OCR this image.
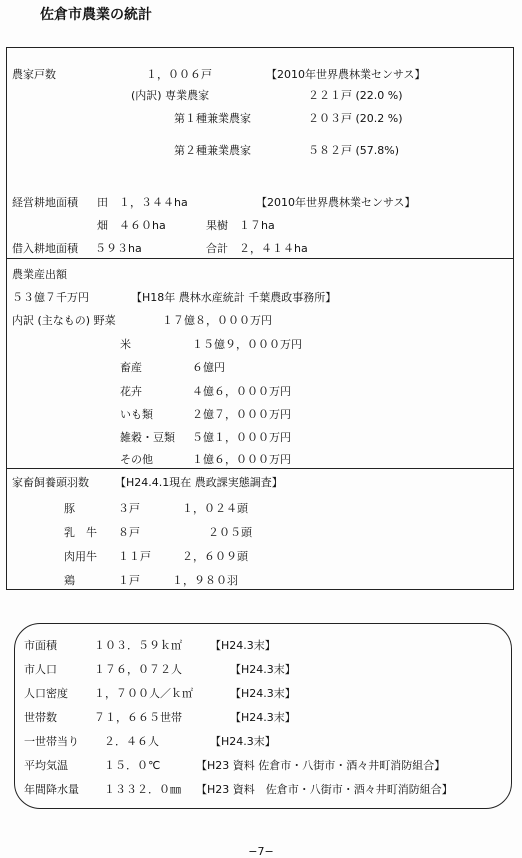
佐倉市農業の統計
農家戸数	１，００６戸	【2010年世界農林業センサス】
(内訳) 専業農家	２２１戸 (22.0 %)
第１種兼業農家	２０３戸 (20.2 %)
第２種兼業農家	５８２戸 (57.8%)
経営耕地面積 田　１，３４４ha	【2010年世界農林業センサス】
畑　４６０ha	果樹　１７ha
借入耕地面積 ５９３ha	合計　２，４１４ha
農業産出額
５３億７千万円	【H18年 農林水産統計 千葉農政事務所】
内訳 (主なもの) 野菜	１７億８，０００万円
米	１５億９，０００万円
畜産	６億円
花卉	４億６，０００万円
いも類	２億７，０００万円
雑穀・豆類 ５億１，０００万円
その他	１億６，０００万円
家畜飼養頭羽数 【H24.4.1現在 農政課実態調査】
豚	３戸	１，０２４頭
乳　牛 ８戸	２０５頭
肉用牛 １１戸	２，６０９頭
鶏	１戸	１，９８０羽
市面積	１０３．５９ｋ㎡	【H24.3末】
市人口	１７６，０７２人	【H24.3末】
人口密度 １，７００人／ｋ㎡	【H24.3末】
世帯数	７１，６６５世帯	【H24.3末】
一世帯当り ２．４６人	【H24.3末】
平均気温	１５．０℃	【H23 資料 佐倉市・八街市・酒々井町消防組合】
年間降水量 １３３２．０㎜ 【H23 資料　佐倉市・八街市・酒々井町消防組合】
−7−
